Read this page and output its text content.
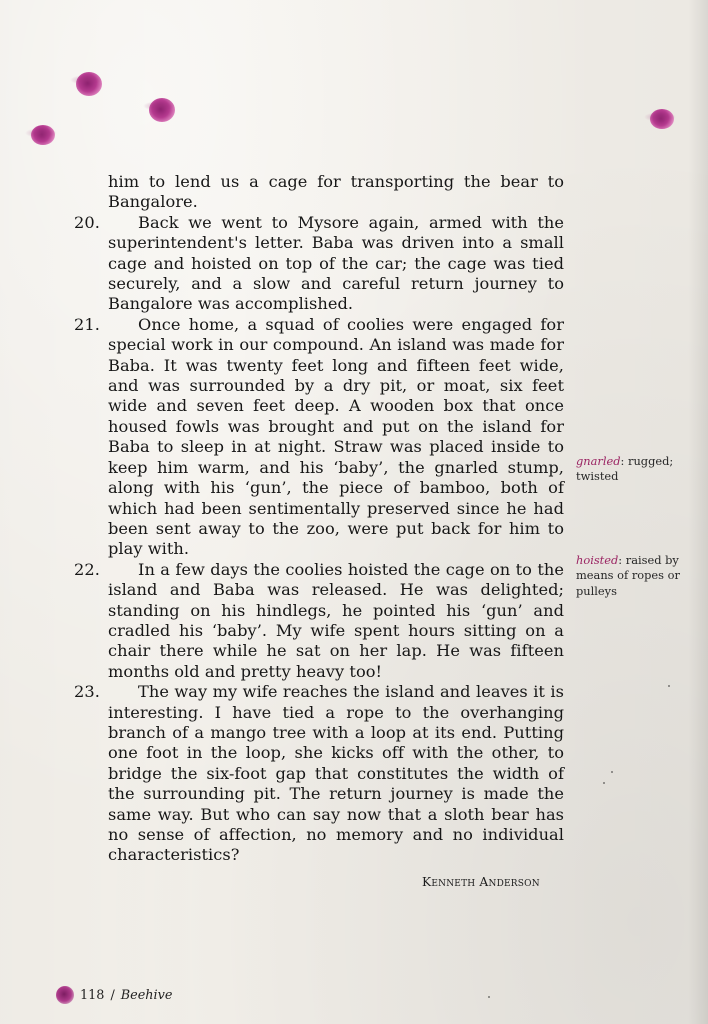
him to lend us a cage for transporting the bear to Bangalore.

20.	Back we went to Mysore again, armed with the superintendent's letter. Baba was driven into a small cage and hoisted on top of the car; the cage was tied securely, and a slow and careful return journey to Bangalore was accomplished.

21.	Once home, a squad of coolies were engaged for special work in our compound. An island was made for Baba. It was twenty feet long and fifteen feet wide, and was surrounded by a dry pit, or moat, six feet wide and seven feet deep. A wooden box that once housed fowls was brought and put on the island for Baba to sleep in at night. Straw was placed inside to keep him warm, and his ‘baby’, the gnarled stump, along with his ‘gun’, the piece of bamboo, both of which had been sentimentally preserved since he had been sent away to the zoo, were put back for him to play with.

22.	In a few days the coolies hoisted the cage on to the island and Baba was released. He was delighted; standing on his hindlegs, he pointed his ‘gun’ and cradled his ‘baby’. My wife spent hours sitting on a chair there while he sat on her lap. He was fifteen months old and pretty heavy too!

23.	The way my wife reaches the island and leaves it is interesting. I have tied a rope to the overhanging branch of a mango tree with a loop at its end. Putting one foot in the loop, she kicks off with the other, to bridge the six-foot gap that constitutes the width of the surrounding pit. The return journey is made the same way. But who can say now that a sloth bear has no sense of affection, no memory and no individual characteristics?

gnarled: rugged; twisted
hoisted: raised by means of ropes or pulleys
Kenneth Anderson
118 / Beehive
